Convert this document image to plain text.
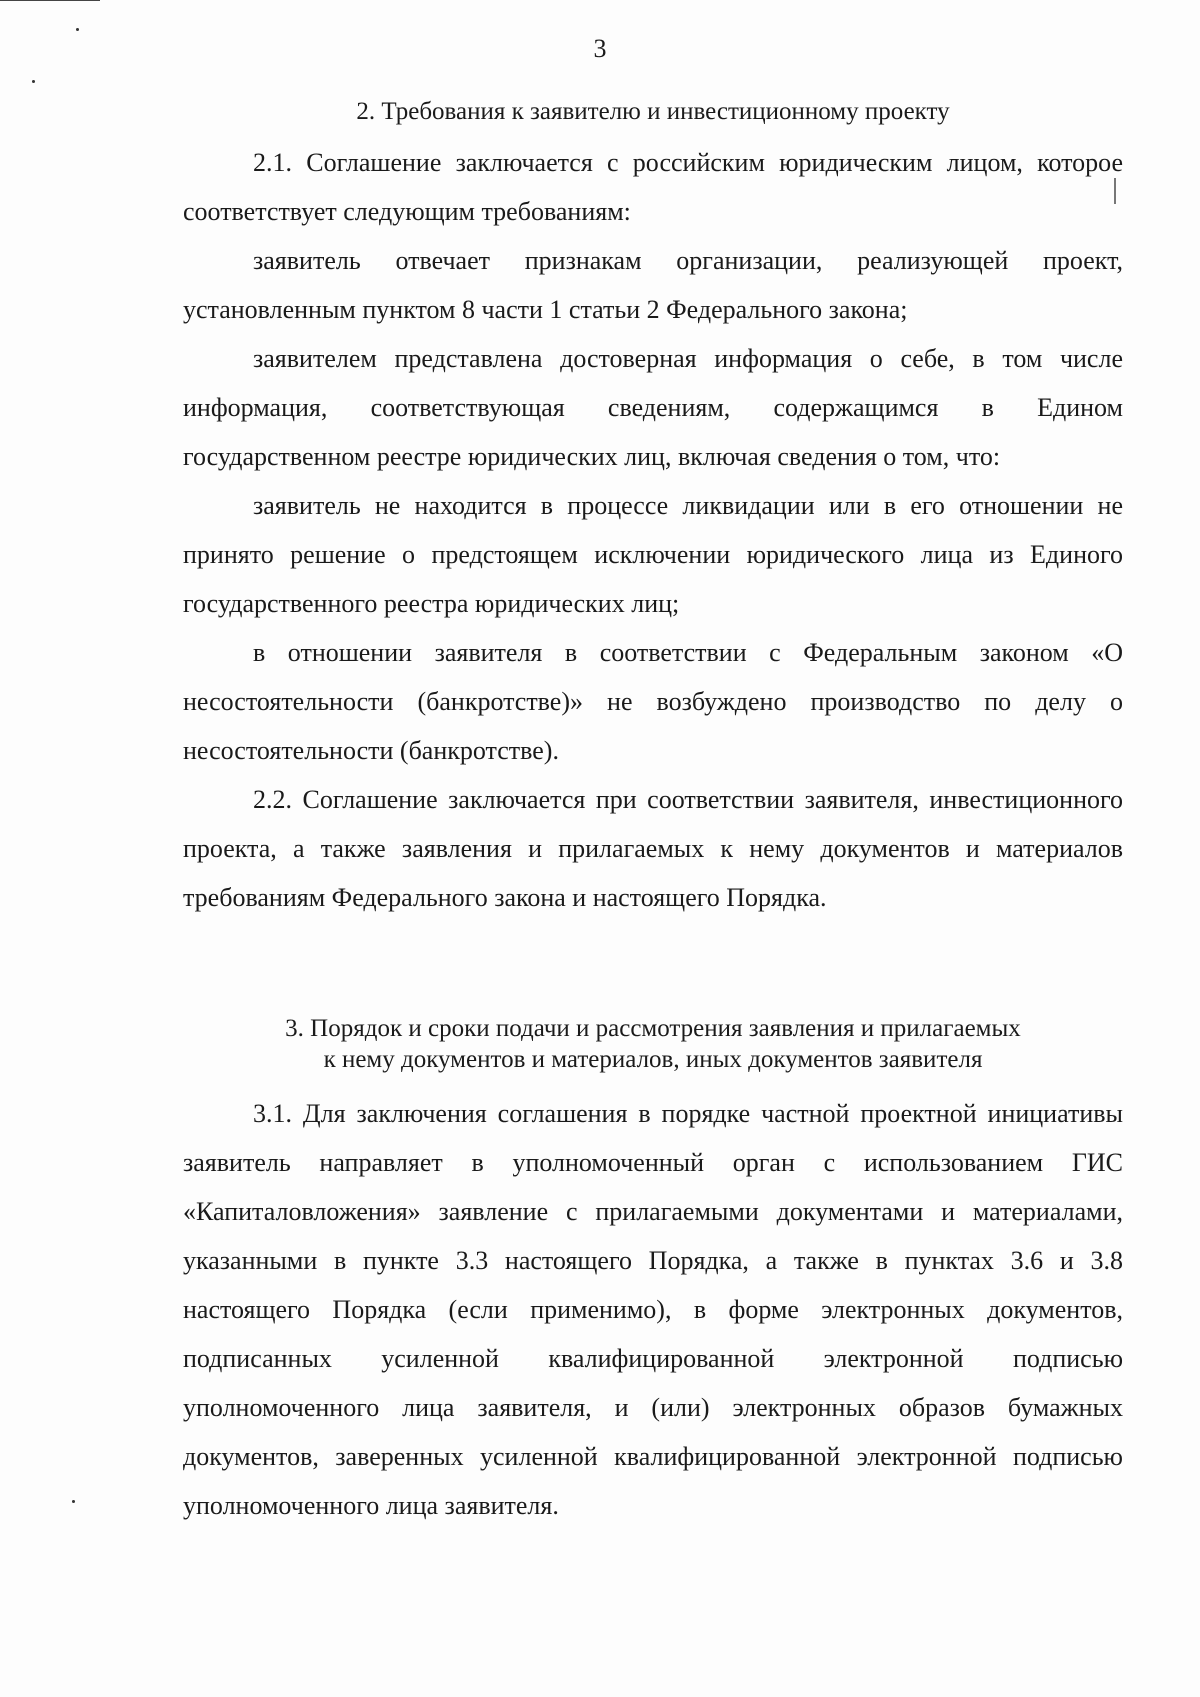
3
2. Требования к заявителю и инвестиционному проекту

2.1. Соглашение заключается с российским юридическим лицом, которое соответствует следующим требованиям:

заявитель отвечает признакам организации, реализующей проект, установленным пунктом 8 части 1 статьи 2 Федерального закона;

заявителем представлена достоверная информация о себе, в том числе информация, соответствующая сведениям, содержащимся в Едином государственном реестре юридических лиц, включая сведения о том, что:

заявитель не находится в процессе ликвидации или в его отношении не принято решение о предстоящем исключении юридического лица из Единого государственного реестра юридических лиц;

в отношении заявителя в соответствии с Федеральным законом «О несостоятельности (банкротстве)» не возбуждено производство по делу о несостоятельности (банкротстве).

2.2. Соглашение заключается при соответствии заявителя, инвестиционного проекта, а также заявления и прилагаемых к нему документов и материалов требованиям Федерального закона и настоящего Порядка.

3. Порядок и сроки подачи и рассмотрения заявления и прилагаемых
к нему документов и материалов, иных документов заявителя

3.1. Для заключения соглашения в порядке частной проектной инициативы заявитель направляет в уполномоченный орган с использованием ГИС «Капиталовложения» заявление с прилагаемыми документами и материалами, указанными в пункте 3.3 настоящего Порядка, а также в пунктах 3.6 и 3.8 настоящего Порядка (если применимо), в форме электронных документов, подписанных усиленной квалифицированной электронной подписью уполномоченного лица заявителя, и (или) электронных образов бумажных документов, заверенных усиленной квалифицированной электронной подписью уполномоченного лица заявителя.
